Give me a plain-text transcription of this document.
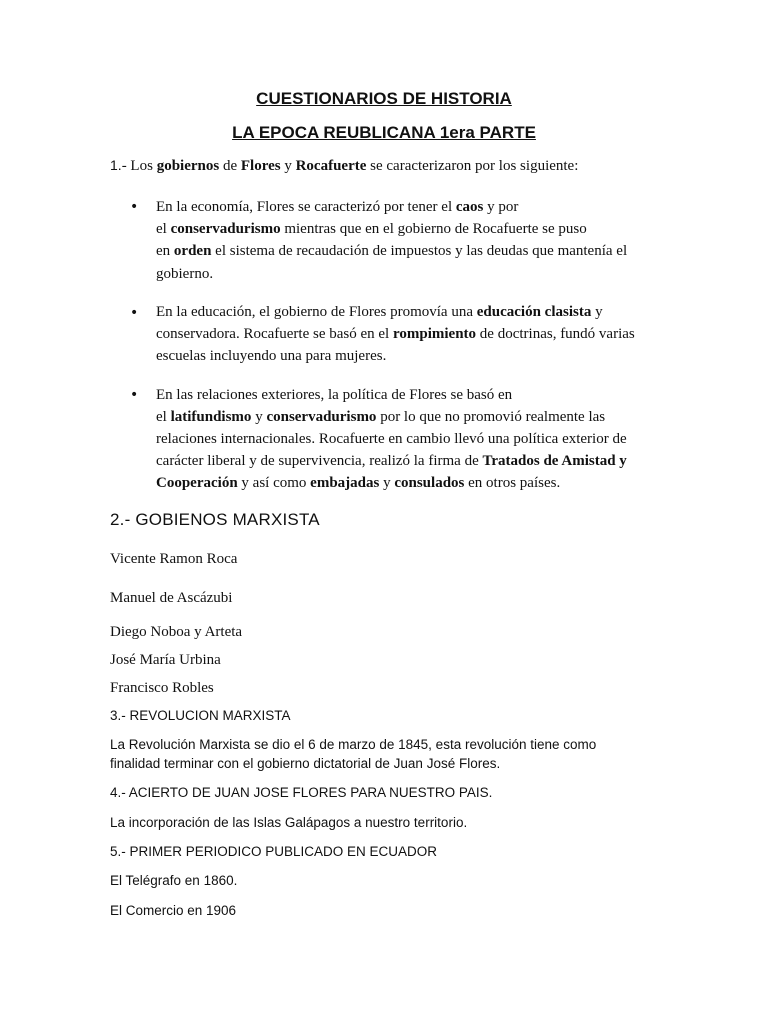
CUESTIONARIOS DE HISTORIA
LA EPOCA REUBLICANA 1era PARTE
1.- Los gobiernos de Flores y Rocafuerte se caracterizaron por los siguiente:
• En la economía, Flores se caracterizó por tener el caos y por
el conservadurismo mientras que en el gobierno de Rocafuerte se puso
en orden el sistema de recaudación de impuestos y las deudas que mantenía el
gobierno.
• En la educación, el gobierno de Flores promovía una educación clasista y
conservadora. Rocafuerte se basó en el rompimiento de doctrinas, fundó varias
escuelas incluyendo una para mujeres.
• En las relaciones exteriores, la política de Flores se basó en
el latifundismo y conservadurismo por lo que no promovió realmente las
relaciones internacionales. Rocafuerte en cambio llevó una política exterior de
carácter liberal y de supervivencia, realizó la firma de Tratados de Amistad y
Cooperación y así como embajadas y consulados en otros países.
2.- GOBIENOS MARXISTA
Vicente Ramon Roca
Manuel de Ascázubi
Diego Noboa y Arteta
José María Urbina
Francisco Robles
3.- REVOLUCION MARXISTA
La Revolución Marxista se dio el 6 de marzo de 1845, esta revolución tiene como
finalidad terminar con el gobierno dictatorial de Juan José Flores.
4.- ACIERTO DE JUAN JOSE FLORES PARA NUESTRO PAIS.
La incorporación de las Islas Galápagos a nuestro territorio.
5.- PRIMER PERIODICO PUBLICADO EN ECUADOR
El Telégrafo en 1860.
El Comercio en 1906
